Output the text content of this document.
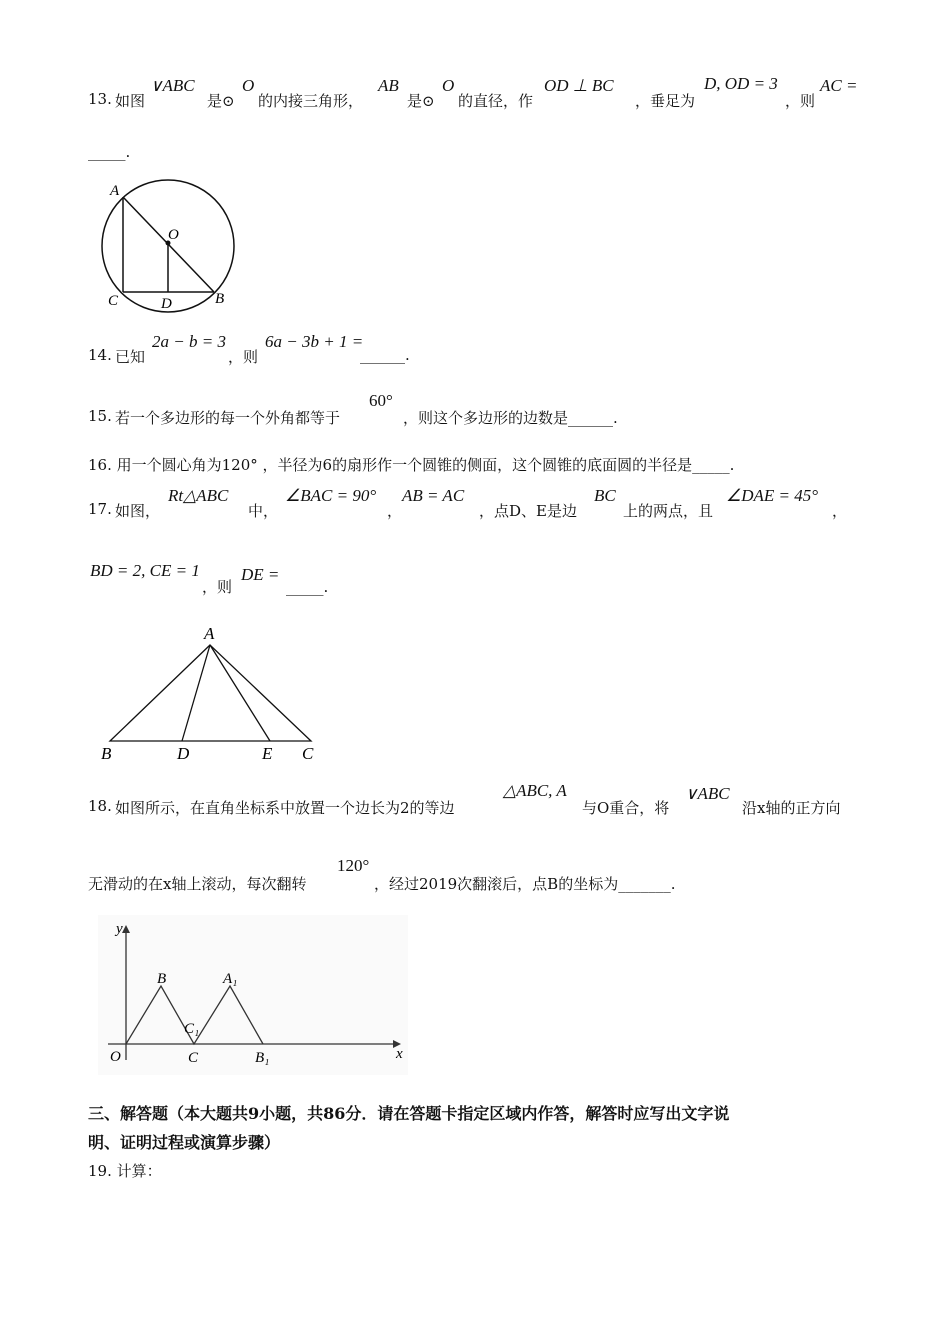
13. 如图
∨ABC
是⊙
O
的内接三角形，
AB
是⊙
O
的直径，作
OD ⊥ BC
，垂足为
D, OD = 3
，则
AC =
_____.
A
O
C	D	B
14. 已知
2a − b = 3
，则
6a − 3b + 1 =
______.
15. 若一个多边形的每一个外角都等于
60°
，则这个多边形的边数是______.
16. 用一个圆心角为120° ，半径为6的扇形作一个圆锥的侧面，这个圆锥的底面圆的半径是_____.
17. 如图，
Rt△ABC
中，
∠BAC = 90°
，
AB = AC
，点D、E是边
BC
上的两点，且
∠DAE = 45°
，
BD = 2, CE = 1
，则
DE =
_____.
A
B	D	E C
18. 如图所示，在直角坐标系中放置一个边长为2的等边
△ABC, A
与O重合，将
∨ABC
沿x轴的正方向
无滑动的在x轴上滚动，每次翻转
120°
，经过2019次翻滚后，点B的坐标为_______.
y
x
O
B
C
C₁
A₁
B₁
三、解答题（本大题共9小题，共86分．请在答题卡指定区域内作答，解答时应写出文字说
明、证明过程或演算步骤）
19. 计算：
